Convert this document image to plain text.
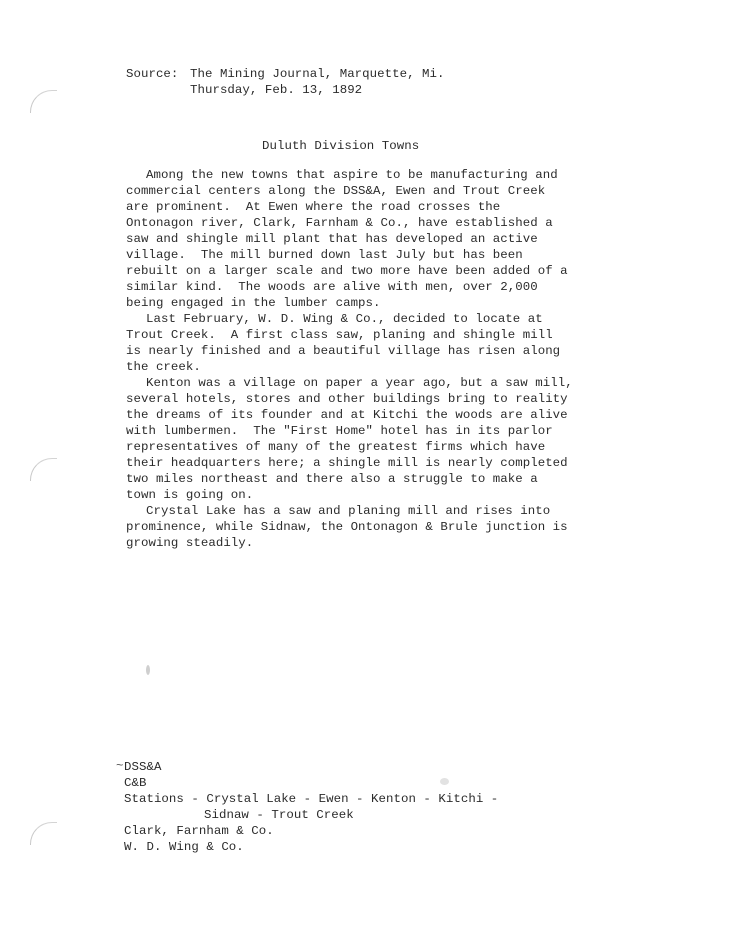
Source: The Mining Journal, Marquette, Mi.
Thursday, Feb. 13, 1892
Duluth Division Towns
Among the new towns that aspire to be manufacturing and
commercial centers along the DSS&A, Ewen and Trout Creek
are prominent.  At Ewen where the road crosses the
Ontonagon river, Clark, Farnham & Co., have established a
saw and shingle mill plant that has developed an active
village.  The mill burned down last July but has been
rebuilt on a larger scale and two more have been added of a
similar kind.  The woods are alive with men, over 2,000
being engaged in the lumber camps.
Last February, W. D. Wing & Co., decided to locate at
Trout Creek.  A first class saw, planing and shingle mill
is nearly finished and a beautiful village has risen along
the creek.
Kenton was a village on paper a year ago, but a saw mill,
several hotels, stores and other buildings bring to reality
the dreams of its founder and at Kitchi the woods are alive
with lumbermen.  The "First Home" hotel has in its parlor
representatives of many of the greatest firms which have
their headquarters here; a shingle mill is nearly completed
two miles northeast and there also a struggle to make a
town is going on.
Crystal Lake has a saw and planing mill and rises into
prominence, while Sidnaw, the Ontonagon & Brule junction is
growing steadily.
~ DSS&A
C&B
Stations - Crystal Lake - Ewen - Kenton - Kitchi -
Sidnaw - Trout Creek
Clark, Farnham & Co.
W. D. Wing & Co.
